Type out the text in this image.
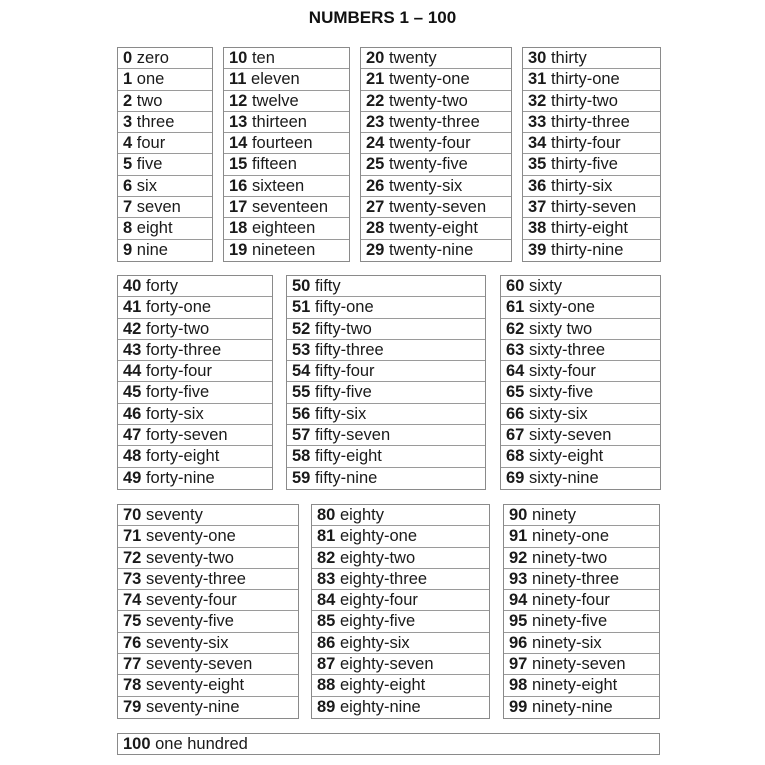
NUMBERS 1 – 100
0 zero
1 one
2 two
3 three
4 four
5 five
6 six
7 seven
8 eight
9 nine
10 ten
11 eleven
12 twelve
13 thirteen
14 fourteen
15 fifteen
16 sixteen
17 seventeen
18 eighteen
19 nineteen
20 twenty
21 twenty-one
22 twenty-two
23 twenty-three
24 twenty-four
25 twenty-five
26 twenty-six
27 twenty-seven
28 twenty-eight
29 twenty-nine
30 thirty
31 thirty-one
32 thirty-two
33 thirty-three
34 thirty-four
35 thirty-five
36 thirty-six
37 thirty-seven
38 thirty-eight
39 thirty-nine
40 forty
41 forty-one
42 forty-two
43 forty-three
44 forty-four
45 forty-five
46 forty-six
47 forty-seven
48 forty-eight
49 forty-nine
50 fifty
51 fifty-one
52 fifty-two
53 fifty-three
54 fifty-four
55 fifty-five
56 fifty-six
57 fifty-seven
58 fifty-eight
59 fifty-nine
60 sixty
61 sixty-one
62 sixty two
63 sixty-three
64 sixty-four
65 sixty-five
66 sixty-six
67 sixty-seven
68 sixty-eight
69 sixty-nine
70 seventy
71 seventy-one
72 seventy-two
73 seventy-three
74 seventy-four
75 seventy-five
76 seventy-six
77 seventy-seven
78 seventy-eight
79 seventy-nine
80 eighty
81 eighty-one
82 eighty-two
83 eighty-three
84 eighty-four
85 eighty-five
86 eighty-six
87 eighty-seven
88 eighty-eight
89 eighty-nine
90 ninety
91 ninety-one
92 ninety-two
93 ninety-three
94 ninety-four
95 ninety-five
96 ninety-six
97 ninety-seven
98 ninety-eight
99 ninety-nine
100 one hundred
